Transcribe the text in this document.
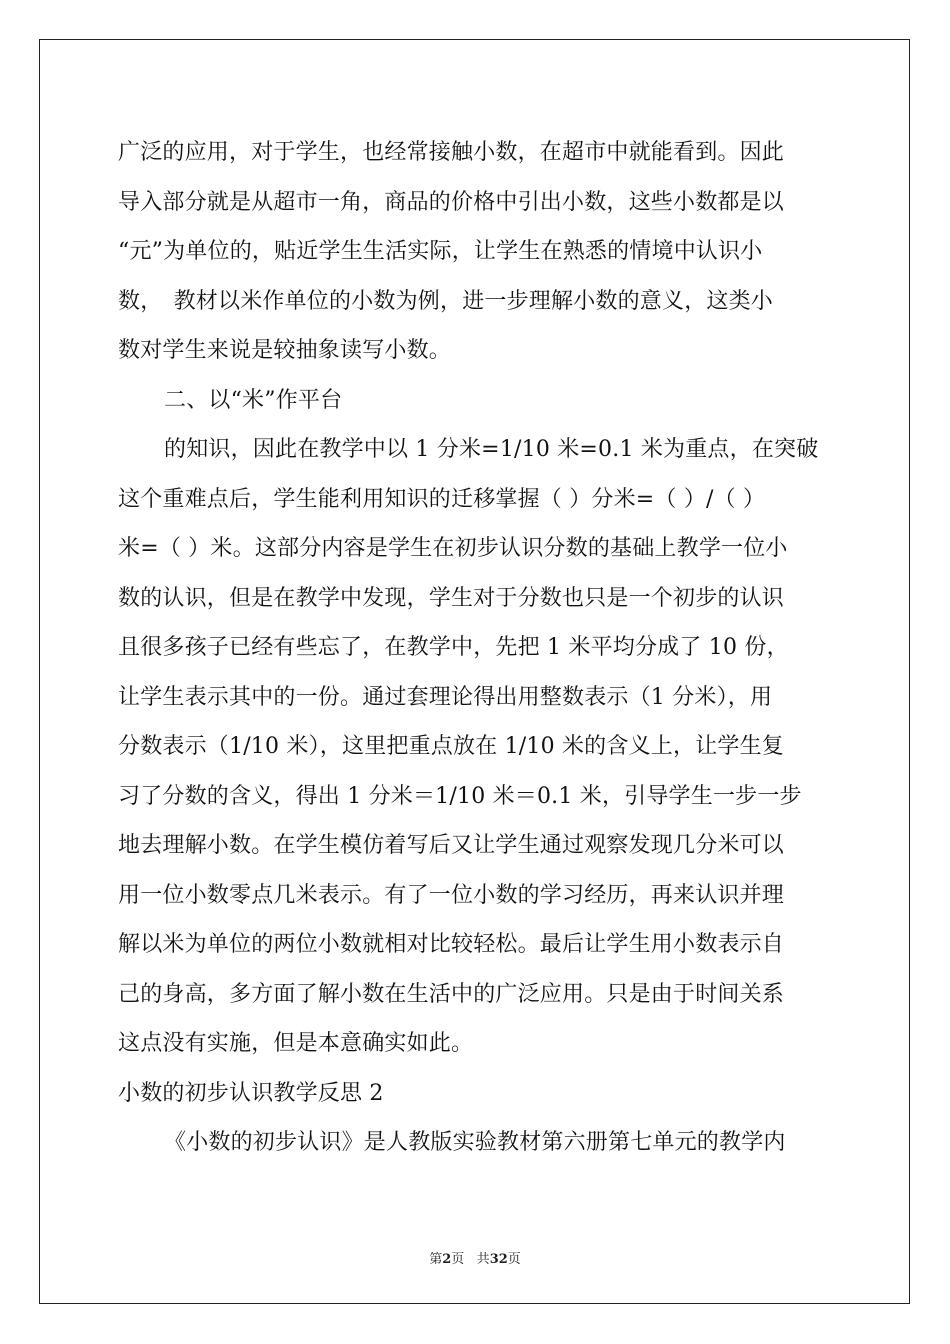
广泛的应用，对于学生，也经常接触小数，在超市中就能看到。因此
导入部分就是从超市一角，商品的价格中引出小数，这些小数都是以
“元”为单位的，贴近学生生活实际，让学生在熟悉的情境中认识小
数，　教材以米作单位的小数为例，进一步理解小数的意义，这类小
数对学生来说是较抽象读写小数。
二、以“米”作平台
的知识，因此在教学中以 1 分米=1/10 米=0.1 米为重点，在突破
这个重难点后，学生能利用知识的迁移掌握（ ）分米=（ ）/（ ）
米=（ ）米。这部分内容是学生在初步认识分数的基础上教学一位小
数的认识，但是在教学中发现，学生对于分数也只是一个初步的认识
且很多孩子已经有些忘了，在教学中，先把 1 米平均分成了 10 份，
让学生表示其中的一份。通过套理论得出用整数表示（1 分米），用
分数表示（1/10 米），这里把重点放在 1/10 米的含义上，让学生复
习了分数的含义，得出 1 分米＝1/10 米＝0.1 米，引导学生一步一步
地去理解小数。在学生模仿着写后又让学生通过观察发现几分米可以
用一位小数零点几米表示。有了一位小数的学习经历，再来认识并理
解以米为单位的两位小数就相对比较轻松。最后让学生用小数表示自
己的身高，多方面了解小数在生活中的广泛应用。只是由于时间关系
这点没有实施，但是本意确实如此。
小数的初步认识教学反思 2
《小数的初步认识》是人教版实验教材第六册第七单元的教学内
第2页 共32页
